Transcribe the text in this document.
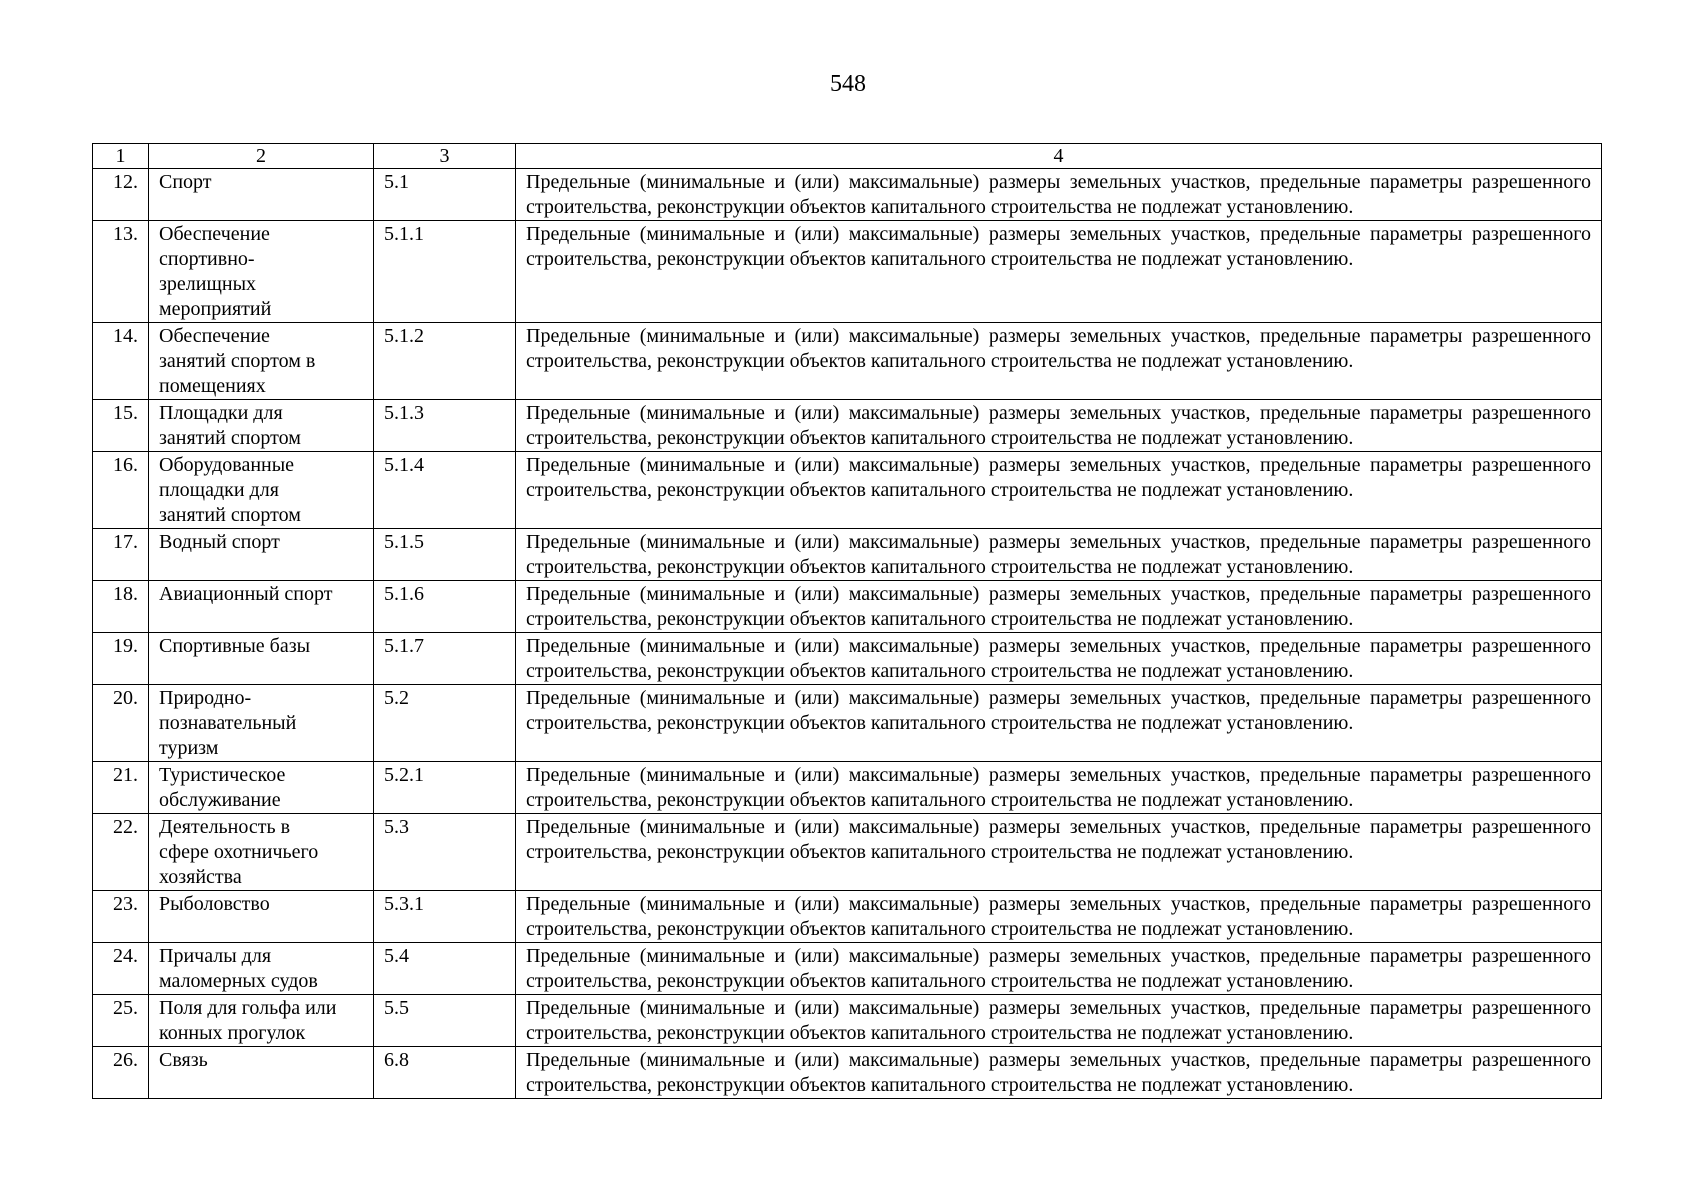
548
1	2	3	4
12.	Спорт	5.1	Предельные (минимальные и (или) максимальные) размеры земельных участков, предельные параметры разрешенного строительства, реконструкции объектов капитального строительства не подлежат установлению.
13.	Обеспечение спортивно-зрелищных мероприятий	5.1.1	Предельные (минимальные и (или) максимальные) размеры земельных участков, предельные параметры разрешенного строительства, реконструкции объектов капитального строительства не подлежат установлению.
14.	Обеспечение занятий спортом в помещениях	5.1.2	Предельные (минимальные и (или) максимальные) размеры земельных участков, предельные параметры разрешенного строительства, реконструкции объектов капитального строительства не подлежат установлению.
15.	Площадки для занятий спортом	5.1.3	Предельные (минимальные и (или) максимальные) размеры земельных участков, предельные параметры разрешенного строительства, реконструкции объектов капитального строительства не подлежат установлению.
16.	Оборудованные площадки для занятий спортом	5.1.4	Предельные (минимальные и (или) максимальные) размеры земельных участков, предельные параметры разрешенного строительства, реконструкции объектов капитального строительства не подлежат установлению.
17.	Водный спорт	5.1.5	Предельные (минимальные и (или) максимальные) размеры земельных участков, предельные параметры разрешенного строительства, реконструкции объектов капитального строительства не подлежат установлению.
18.	Авиационный спорт	5.1.6	Предельные (минимальные и (или) максимальные) размеры земельных участков, предельные параметры разрешенного строительства, реконструкции объектов капитального строительства не подлежат установлению.
19.	Спортивные базы	5.1.7	Предельные (минимальные и (или) максимальные) размеры земельных участков, предельные параметры разрешенного строительства, реконструкции объектов капитального строительства не подлежат установлению.
20.	Природно-познавательный туризм	5.2	Предельные (минимальные и (или) максимальные) размеры земельных участков, предельные параметры разрешенного строительства, реконструкции объектов капитального строительства не подлежат установлению.
21.	Туристическое обслуживание	5.2.1	Предельные (минимальные и (или) максимальные) размеры земельных участков, предельные параметры разрешенного строительства, реконструкции объектов капитального строительства не подлежат установлению.
22.	Деятельность в сфере охотничьего хозяйства	5.3	Предельные (минимальные и (или) максимальные) размеры земельных участков, предельные параметры разрешенного строительства, реконструкции объектов капитального строительства не подлежат установлению.
23.	Рыболовство	5.3.1	Предельные (минимальные и (или) максимальные) размеры земельных участков, предельные параметры разрешенного строительства, реконструкции объектов капитального строительства не подлежат установлению.
24.	Причалы для маломерных судов	5.4	Предельные (минимальные и (или) максимальные) размеры земельных участков, предельные параметры разрешенного строительства, реконструкции объектов капитального строительства не подлежат установлению.
25.	Поля для гольфа или конных прогулок	5.5	Предельные (минимальные и (или) максимальные) размеры земельных участков, предельные параметры разрешенного строительства, реконструкции объектов капитального строительства не подлежат установлению.
26.	Связь	6.8	Предельные (минимальные и (или) максимальные) размеры земельных участков, предельные параметры разрешенного строительства, реконструкции объектов капитального строительства не подлежат установлению.
